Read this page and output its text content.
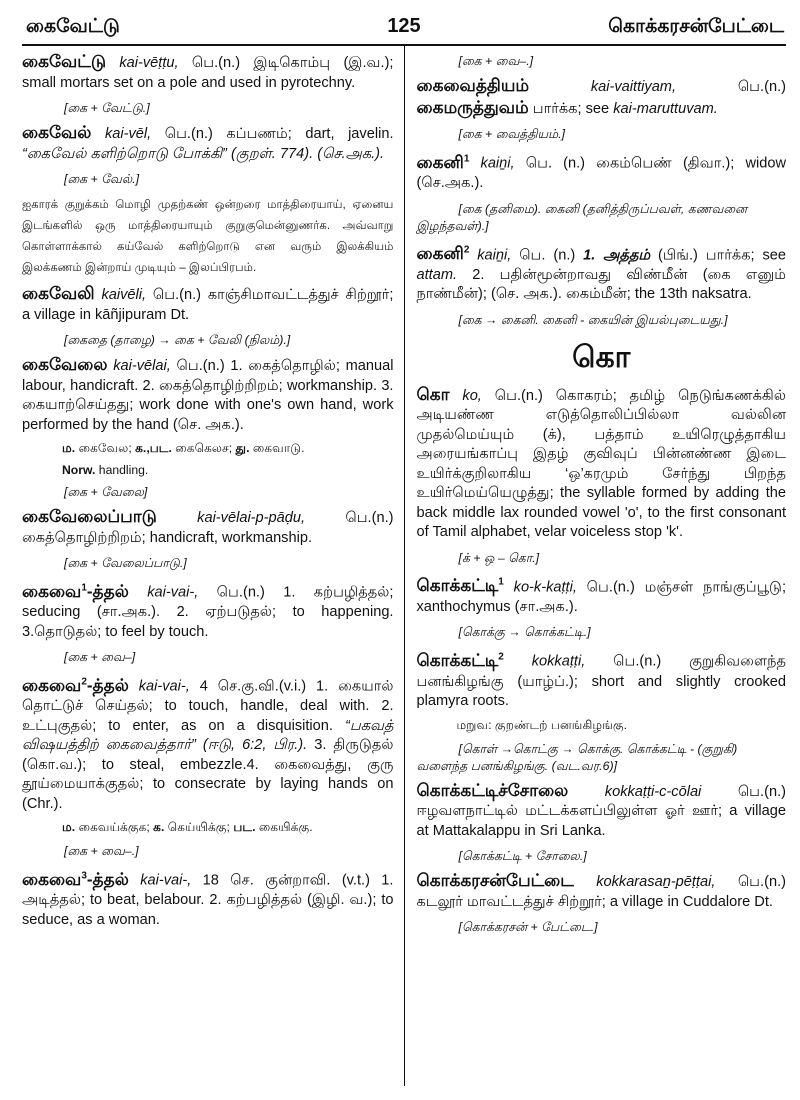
கைவேட்டு	125	கொக்கரசன்பேட்டை

கைவேட்டு kai-vēṭṭu, பெ.(n.) இடிகொம்பு (இ.வ.); small mortars set on a pole and used in pyrotechny.

[கை + வேட்டு.]

கைவேல் kai-vēl, பெ.(n.) கப்பணம்; dart, javelin. “கைவேல் களிற்றொடு போக்கி” (குறள். 774). (செ.அக.).

[கை + வேல்.]
ஐகாரக் குறுக்கம் மொழி முதற்கண் ஒன்றரை மாத்திரையாய், ஏனைய இடங்களில் ஒரு மாத்திரையாயும் குறுகுமென்னுணர்க. அவ்வாறு கொள்ளாக்கால் கய்வேல் களிற்றொடு என வரும் இலக்கியம் இலக்கணம் இன்றாய் முடியும் – இலப்பிரபம்.

கைவேலி kaivēli, பெ.(n.) காஞ்சிமாவட்டத்துச் சிற்றூர்; a village in kāñjipuram Dt.

[கைதை (தாழை) → கை + வேலி (நிலம்).]

கைவேலை kai-vēlai, பெ.(n.) 1. கைத்தொழில்; manual labour, handicraft. 2. கைத்தொழிற்றிறம்; workmanship. 3. கையாற்செய்தது; work done with one's own hand, work performed by the hand (செ. அக.).

ம. கைவேல; க.,பட. கைகெலச; து. கைவாடு.
Norw. handling.
[கை + வேலை]

கைவேலைப்பாடு	kai-vēlai-p-pāḍu, பெ.(n.) கைத்தொழிற்றிறம்; handicraft, workmanship.

[கை + வேலைப்பாடு.]

கைவை$^1$-த்தல் kai-vai-, பெ.(n.) 1. கற்பழித்தல்; seducing (சா.அக.). 2. ஏற்படுதல்; to happening. 3.தொடுதல்; to feel by touch.

[கை + வை–]

கைவை$^2$-த்தல் kai-vai-, 4 செ.கு.வி.(v.i.) 1. கையால் தொட்டுச் செய்தல்; to touch, handle, deal with. 2. உட்புகுதல்; to enter, as on a disquisition. “பகவத் விஷயத்திற் கைவைத்தார்” (ஈடு, 6:2, பிர.). 3. திருடுதல் (கொ.வ.); to steal, embezzle.4. கைவைத்து, குரு தூய்மையாக்குதல்; to consecrate by laying hands on (Chr.).

ம. கைவய்க்குக; க. கெய்யிக்கு; பட. கையிக்கு.
[கை + வை–.]

கைவை$^3$-த்தல் kai-vai-, 18 செ. குன்றாவி. (v.t.) 1. அடித்தல்; to beat, belabour. 2. கற்பழித்தல் (இழி. வ.); to seduce, as a woman.

[கை + வை–.]

கைவைத்தியம்	kai-vaittiyam, பெ.(n.) கைமருத்துவம் பார்க்க; see kai-maruttuvam.

[கை + வைத்தியம்.]

கைனி$^1$ kaiṉi, பெ. (n.) கைம்பெண் (திவா.); widow (செ.அக.).

[கை (தனிமை). கைனி (தனித்திருப்பவள், கணவனை இழந்தவள்).]

கைனி$^2$ kaiṉi, பெ. (n.) 1. அத்தம் (பிங்.) பார்க்க; see attam. 2. பதின்மூன்றாவது விண்மீன் (கை எனும் நாண்மீன்); (செ. அக.). கைம்மீன்; the 13th naksatra.

[கை → கைனி. கைனி - கையின் இயல்புடையது.]
கொ

கொ ko, பெ.(n.) கொகரம்; தமிழ் நெடுங்கணக்கில் அடியண்ண எடுத்தொலிப்பில்லா வல்லின முதல்மெய்யும் (க்), பத்தாம் உயிரெழுத்தாகிய அரையங்காப்பு இதழ் குவிவுப் பின்னண்ண இடை உயிர்க்குறிலாகிய ‘ஒ’கரமும் சேர்ந்து பிறந்த உயிர்மெய்யெழுத்து; the syllable formed by adding the back middle lax rounded vowel 'o', to the first consonant of Tamil alphabet, velar voiceless stop 'k'.

[க் + ஒ – கொ.]

கொக்கட்டி$^1$ ko-k-kaṭṭi, பெ.(n.) மஞ்சள் நாங்குப்பூடு; xanthochymus (சா.அக.).

[கொக்கு → கொக்கட்டி.]

கொக்கட்டி$^2$ kokkaṭṭi, பெ.(n.) குறுகிவளைந்த பனங்கிழங்கு (யாழ்ப்.); short and slightly crooked plamyra roots.

மறுவ: குறண்டற் பனங்கிழங்கு.
[கொள் →கொட்கு → கொக்கு. கொக்கட்டி - (குறுகி) வளைந்த பனங்கிழங்கு. (வட.வர.6)]

கொக்கட்டிச்சோலை	kokkaṭṭi-c-cōlai பெ.(n.) ஈழவளநாட்டில் மட்டக்களப்பிலுள்ள ஓர் ஊர்; a village at Mattakalappu in Sri Lanka.

[கொக்கட்டி + சோலை.]

கொக்கரசன்பேட்டை kokkarasaṉ-pēṭṭai, பெ.(n.) கடலூர் மாவட்டத்துச் சிற்றூர்; a village in Cuddalore Dt.

[கொக்கரசன் + பேட்டை.]
